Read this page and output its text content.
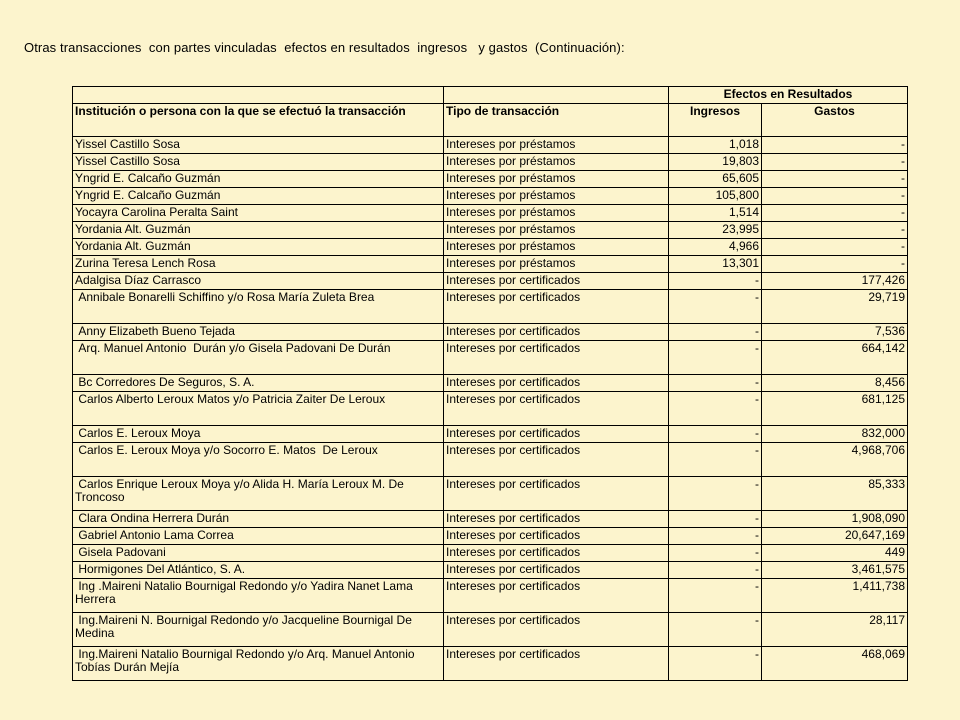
Otras transacciones  con partes vinculadas  efectos en resultados  ingresos   y gastos  (Continuación):
		Efectos en Resultados	
Institución o persona con la que se efectuó la transacción	Tipo de transacción	Ingresos	Gastos
Yissel Castillo Sosa	Intereses por préstamos	1,018	-
Yissel Castillo Sosa	Intereses por préstamos	19,803	-
Yngrid E. Calcaño Guzmán	Intereses por préstamos	65,605	-
Yngrid E. Calcaño Guzmán	Intereses por préstamos	105,800	-
Yocayra Carolina Peralta Saint	Intereses por préstamos	1,514	-
Yordania Alt. Guzmán	Intereses por préstamos	23,995	-
Yordania Alt. Guzmán	Intereses por préstamos	4,966	-
Zurina Teresa Lench Rosa	Intereses por préstamos	13,301	-
Adalgisa Díaz Carrasco	Intereses por certificados	-	177,426
Annibale Bonarelli Schiffino y/o Rosa María Zuleta Brea	Intereses por certificados	-	29,719
Anny Elizabeth Bueno Tejada	Intereses por certificados	-	7,536
Arq. Manuel Antonio  Durán y/o Gisela Padovani De Durán	Intereses por certificados	-	664,142
Bc Corredores De Seguros, S. A.	Intereses por certificados	-	8,456
Carlos Alberto Leroux Matos y/o Patricia Zaiter De Leroux	Intereses por certificados	-	681,125
Carlos E. Leroux Moya	Intereses por certificados	-	832,000
Carlos E. Leroux Moya y/o Socorro E. Matos  De Leroux	Intereses por certificados	-	4,968,706
Carlos Enrique Leroux Moya y/o Alida H. María Leroux M. De Troncoso	Intereses por certificados	-	85,333
Clara Ondina Herrera Durán	Intereses por certificados	-	1,908,090
Gabriel Antonio Lama Correa	Intereses por certificados	-	20,647,169
Gisela Padovani	Intereses por certificados	-	449
Hormigones Del Atlántico, S. A.	Intereses por certificados	-	3,461,575
Ing .Maireni Natalio Bournigal Redondo y/o Yadira Nanet Lama Herrera	Intereses por certificados	-	1,411,738
Ing.Maireni N. Bournigal Redondo y/o Jacqueline Bournigal De Medina	Intereses por certificados	-	28,117
Ing.Maireni Natalio Bournigal Redondo y/o Arq. Manuel Antonio Tobías Durán Mejía	Intereses por certificados	-	468,069
